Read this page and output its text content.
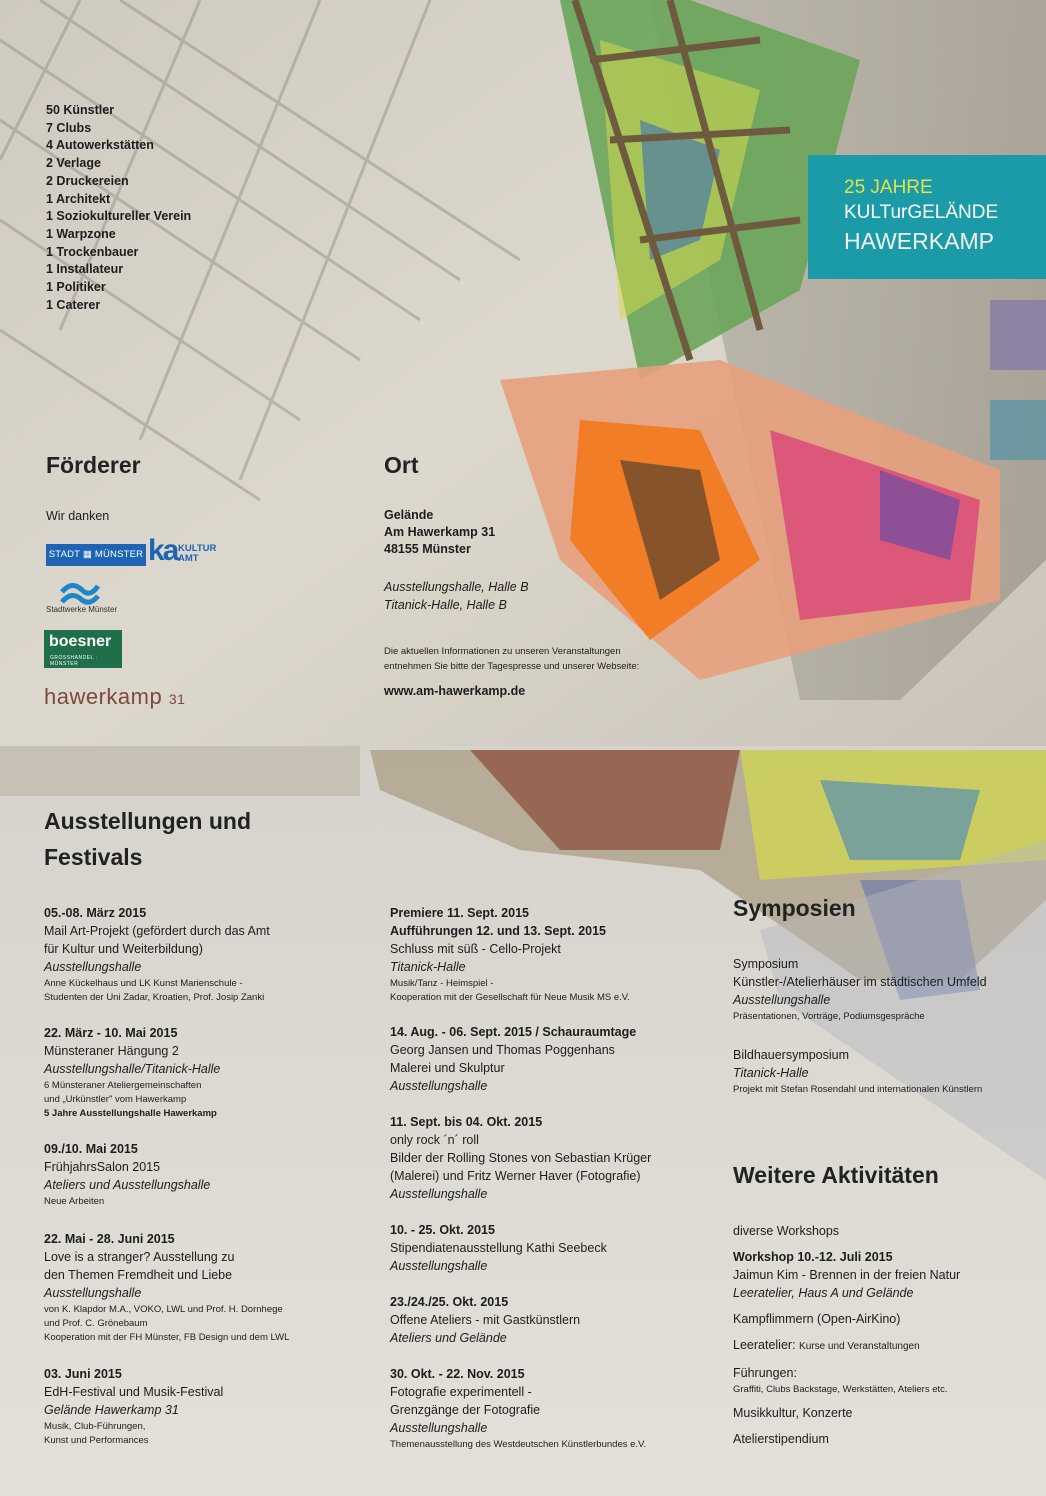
50 Künstler
7 Clubs
4 Autowerkstätten
2 Verlage
2 Druckereien
1 Architekt
1 Soziokultureller Verein
1 Warpzone
1 Trockenbauer
1 Installateur
1 Politiker
1 Caterer
25 JAHRE
KULTurGELÄNDE
HAWERKAMP
Förderer
Wir danken
STADT ▦ MÜNSTER ka KULTUR
AMT
Stadtwerke Münster
boesner
GROSSHANDEL · MÜNSTER
hawerkamp 31
Ort
Gelände
Am Hawerkamp 31
48155 Münster
Ausstellungshalle, Halle B
Titanick-Halle, Halle B
Die aktuellen Informationen zu unseren Veranstaltungen
entnehmen Sie bitte der Tagespresse und unserer Webseite:
www.am-hawerkamp.de
Ausstellungen und
Festivals
05.-08. März 2015
Mail Art-Projekt (gefördert durch das Amt
für Kultur und Weiterbildung)
Ausstellungshalle
Anne Kückelhaus und LK Kunst Marienschule -
Studenten der Uni Zadar, Kroatien, Prof. Josip Zanki
22. März - 10. Mai 2015
Münsteraner Hängung 2
Ausstellungshalle/Titanick-Halle
6 Münsteraner Ateliergemeinschaften
und „Urkünstler" vom Hawerkamp
5 Jahre Ausstellungshalle Hawerkamp
09./10. Mai 2015
FrühjahrsSalon 2015
Ateliers und Ausstellungshalle
Neue Arbeiten
22. Mai - 28. Juni 2015
Love is a stranger? Ausstellung zu
den Themen Fremdheit und Liebe
Ausstellungshalle
von K. Klapdor M.A., VOKO, LWL und Prof. H. Dornhege
und Prof. C. Grönebaum
Kooperation mit der FH Münster, FB Design und dem LWL
03. Juni 2015
EdH-Festival und Musik-Festival
Gelände Hawerkamp 31
Musik, Club-Führungen,
Kunst und Performances
Premiere 11. Sept. 2015
Aufführungen 12. und 13. Sept. 2015
Schluss mit süß - Cello-Projekt
Titanick-Halle
Musik/Tanz - Heimspiel -
Kooperation mit der Gesellschaft für Neue Musik MS e.V.
14. Aug. - 06. Sept. 2015 / Schauraumtage
Georg Jansen und Thomas Poggenhans
Malerei und Skulptur
Ausstellungshalle
11. Sept. bis 04. Okt. 2015
only rock ´n´ roll
Bilder der Rolling Stones von Sebastian Krüger
(Malerei) und Fritz Werner Haver (Fotografie)
Ausstellungshalle
10. - 25. Okt. 2015
Stipendiatenausstellung Kathi Seebeck
Ausstellungshalle
23./24./25. Okt. 2015
Offene Ateliers - mit Gastkünstlern
Ateliers und Gelände
30. Okt. - 22. Nov. 2015
Fotografie experimentell -
Grenzgänge der Fotografie
Ausstellungshalle
Themenausstellung des Westdeutschen Künstlerbundes e.V.
Symposien
Symposium
Künstler-/Atelierhäuser im städtischen Umfeld
Ausstellungshalle
Präsentationen, Vorträge, Podiumsgespräche
Bildhauersymposium
Titanick-Halle
Projekt mit Stefan Rosendahl und internationalen Künstlern
Weitere Aktivitäten
diverse Workshops
Workshop 10.-12. Juli 2015
Jaimun Kim - Brennen in der freien Natur
Leeratelier, Haus A und Gelände
Kampflimmern (Open-AirKino)
Leeratelier: Kurse und Veranstaltungen
Führungen:
Graffiti, Clubs Backstage, Werkstätten, Ateliers etc.
Musikkultur, Konzerte
Atelierstipendium
